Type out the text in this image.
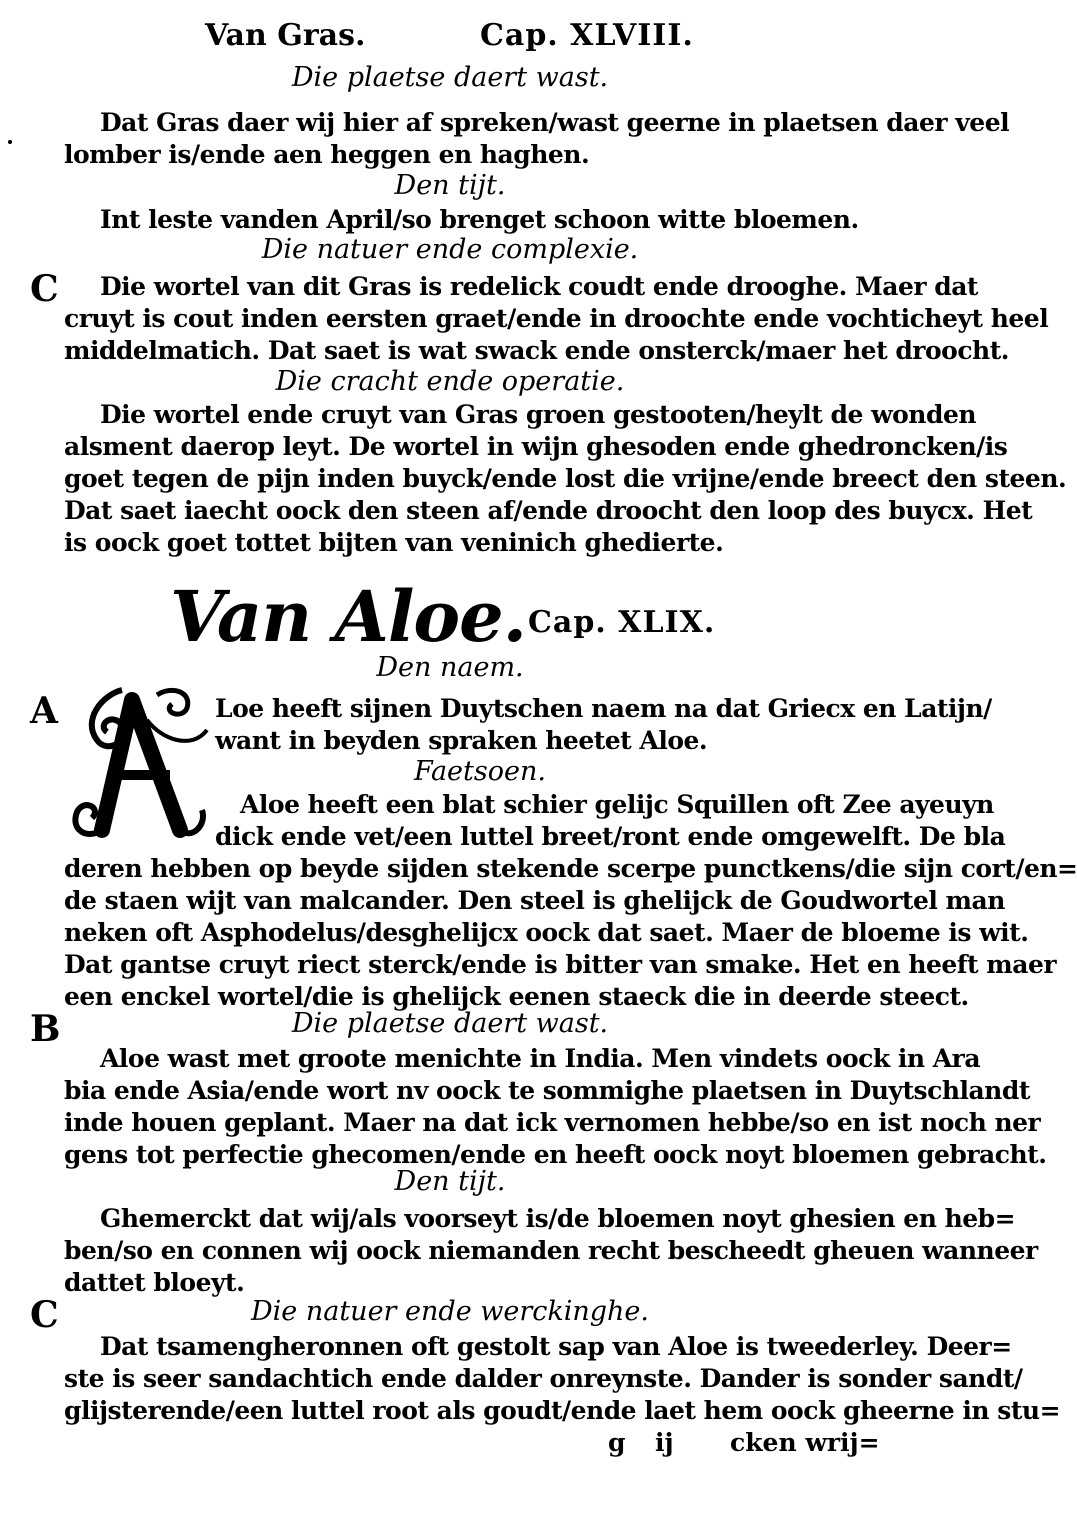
Van Gras.	Cap. XLVIII.
Die plaetse daert wast.
Dat Gras daer wij hier af spreken/wast geerne in plaetsen daer veel
lomber is/ende aen heggen en haghen.
Den tijt.
Int leste vanden April/so brenget schoon witte bloemen.
Die natuer ende complexie.
C Die wortel van dit Gras is redelick coudt ende drooghe. Maer dat
cruyt is cout inden eersten graet/ende in droochte ende vochticheyt heel
middelmatich. Dat saet is wat swack ende onsterck/maer het droocht.
Die cracht ende operatie.
Die wortel ende cruyt van Gras groen gestooten/heylt de wonden
alsment daerop leyt. De wortel in wijn ghesoden ende ghedroncken/is
goet tegen de pijn inden buyck/ende lost die vrijne/ende breect den steen.
Dat saet iaecht oock den steen af/ende droocht den loop des buycx. Het
is oock goet tottet bijten van veninich ghedierte.
Van Aloe. Cap. XLIX.
Den naem.
A	Loe heeft sijnen Duytschen naem na dat Griecx en Latijn/
want in beyden spraken heetet Aloe.
Faetsoen.
Aloe heeft een blat schier gelijc Squillen oft Zee ayeuyn
dick ende vet/een luttel breet/ront ende omgewelft. De bla
deren hebben op beyde sijden stekende scerpe punctkens/die sijn cort/en=
de staen wijt van malcander. Den steel is ghelijck de Goudwortel man
neken oft Asphodelus/desghelijcx oock dat saet. Maer de bloeme is wit.
Dat gantse cruyt riect sterck/ende is bitter van smake. Het en heeft maer
een enckel wortel/die is ghelijck eenen staeck die in deerde steect.
B	Die plaetse daert wast.
Aloe wast met groote menichte in India. Men vindets oock in Ara
bia ende Asia/ende wort nv oock te sommighe plaetsen in Duytschlandt
inde houen geplant. Maer na dat ick vernomen hebbe/so en ist noch ner
gens tot perfectie ghecomen/ende en heeft oock noyt bloemen gebracht.
Den tijt.
Ghemerckt dat wij/als voorseyt is/de bloemen noyt ghesien en heb=
ben/so en connen wij oock niemanden recht bescheedt gheuen wanneer
dattet bloeyt.
C	Die natuer ende werckinghe.
Dat tsamengheronnen oft gestolt sap van Aloe is tweederley. Deer=
ste is seer sandachtich ende dalder onreynste. Dander is sonder sandt/
glijsterende/een luttel root als goudt/ende laet hem oock gheerne in stu=
g ij cken wrij=
